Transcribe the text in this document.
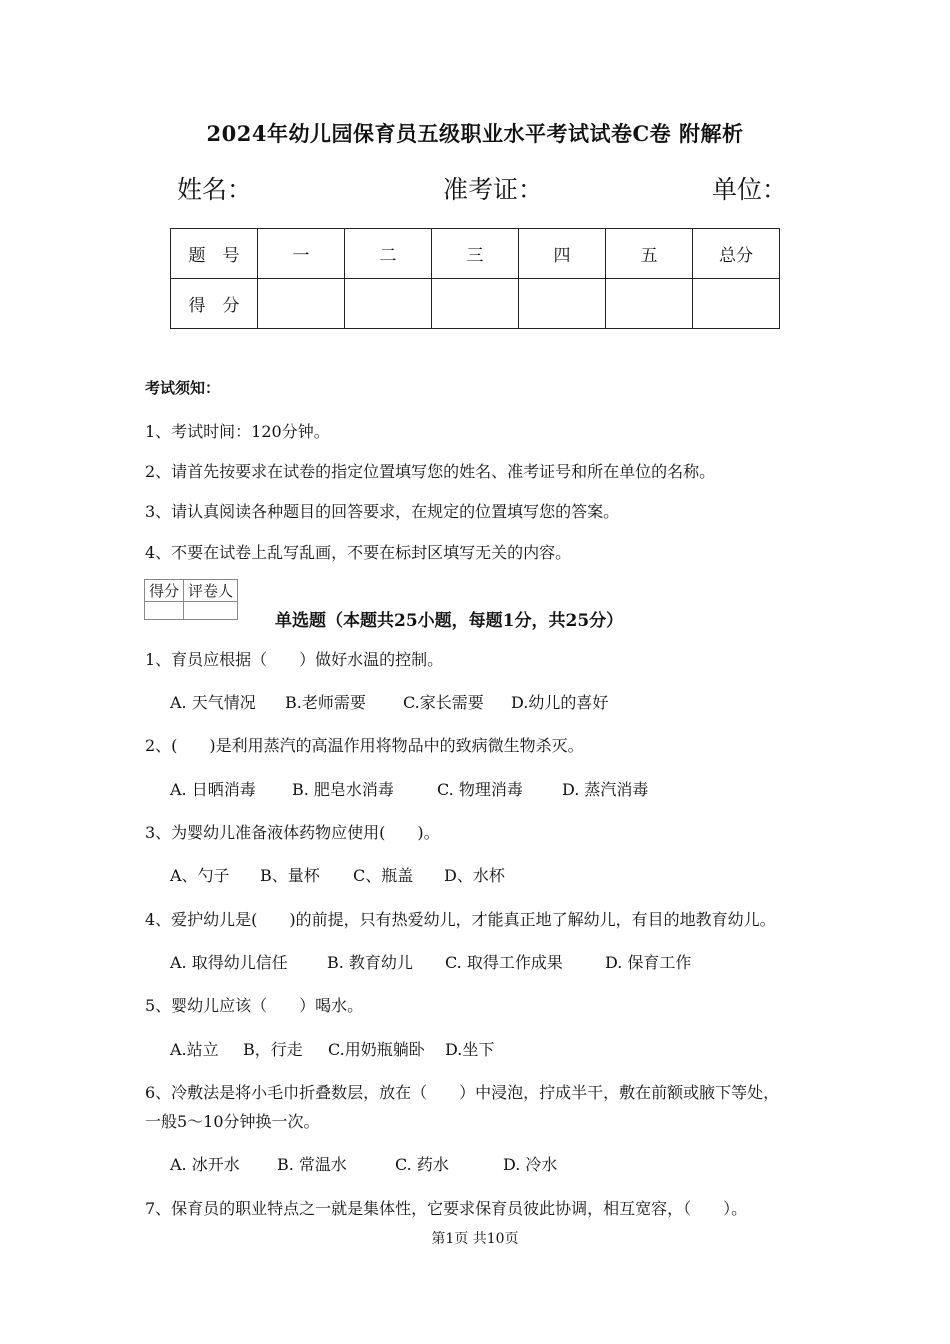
2024年幼儿园保育员五级职业水平考试试卷C卷 附解析
姓名：	准考证：	单位：
题　号	一	二	三	四	五	总分
得　分						
考试须知：
1、考试时间：120分钟。
2、请首先按要求在试卷的指定位置填写您的姓名、准考证号和所在单位的名称。
3、请认真阅读各种题目的回答要求，在规定的位置填写您的答案。
4、不要在试卷上乱写乱画，不要在标封区填写无关的内容。
得分	评卷人

单选题（本题共25小题，每题1分，共25分）
1、育员应根据（　　）做好水温的控制。
A. 天气情况 B.老师需要 C.家长需要 D.幼儿的喜好
2、(　　)是利用蒸汽的高温作用将物品中的致病微生物杀灭。
A. 日晒消毒 B. 肥皂水消毒	C. 物理消毒 D. 蒸汽消毒
3、为婴幼儿准备液体药物应使用(　　)。
A、勺子 B、量杯 C、瓶盖 D、水杯
4、爱护幼儿是(　　)的前提，只有热爱幼儿，才能真正地了解幼儿，有目的地教育幼儿。
A. 取得幼儿信任 B. 教育幼儿 C. 取得工作成果	D. 保育工作
5、婴幼儿应该（　　）喝水。
A.站立 B，行走 C.用奶瓶躺卧 D.坐下
6、冷敷法是将小毛巾折叠数层，放在（　　）中浸泡，拧成半干，敷在前额或腋下等处，
一般5～10分钟换一次。
A. 冰开水 B. 常温水	C. 药水	D. 冷水
7、保育员的职业特点之一就是集体性，它要求保育员彼此协调，相互宽容，（　　）。
第1页 共10页
